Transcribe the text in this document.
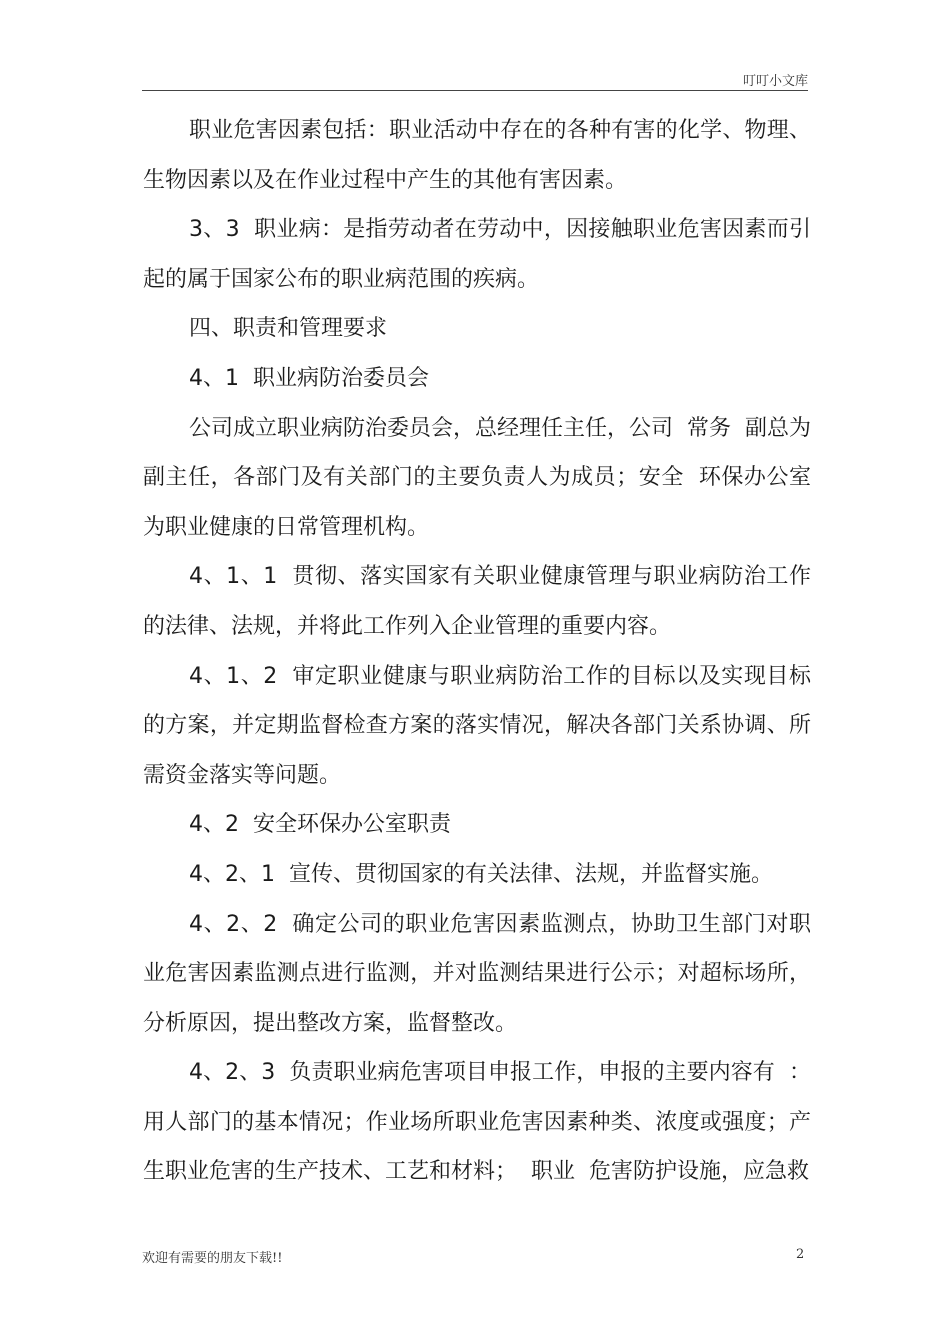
叮叮小文库

职业危害因素包括：职业活动中存在的各种有害的化学、物理、生物因素以及在作业过程中产生的其他有害因素。

3、3  职业病：是指劳动者在劳动中，因接触职业危害因素而引起的属于国家公布的职业病范围的疾病。

四、职责和管理要求

4、1  职业病防治委员会

公司成立职业病防治委员会，总经理任主任，公司  常务  副总为副主任，各部门及有关部门的主要负责人为成员；安全  环保办公室为职业健康的日常管理机构。

4、1、1  贯彻、落实国家有关职业健康管理与职业病防治工作的法律、法规，并将此工作列入企业管理的重要内容。

4、1、2  审定职业健康与职业病防治工作的目标以及实现目标的方案，并定期监督检查方案的落实情况，解决各部门关系协调、所需资金落实等问题。

4、2  安全环保办公室职责

4、2、1  宣传、贯彻国家的有关法律、法规，并监督实施。

4、2、2  确定公司的职业危害因素监测点，协助卫生部门对职业危害因素监测点进行监测，并对监测结果进行公示；对超标场所，分析原因，提出整改方案，监督整改。

4、2、3  负责职业病危害项目申报工作，申报的主要内容有  ：用人部门的基本情况；作业场所职业危害因素种类、浓度或强度；产生职业危害的生产技术、工艺和材料；  职业  危害防护设施，应急救

欢迎有需要的朋友下载!!	2
